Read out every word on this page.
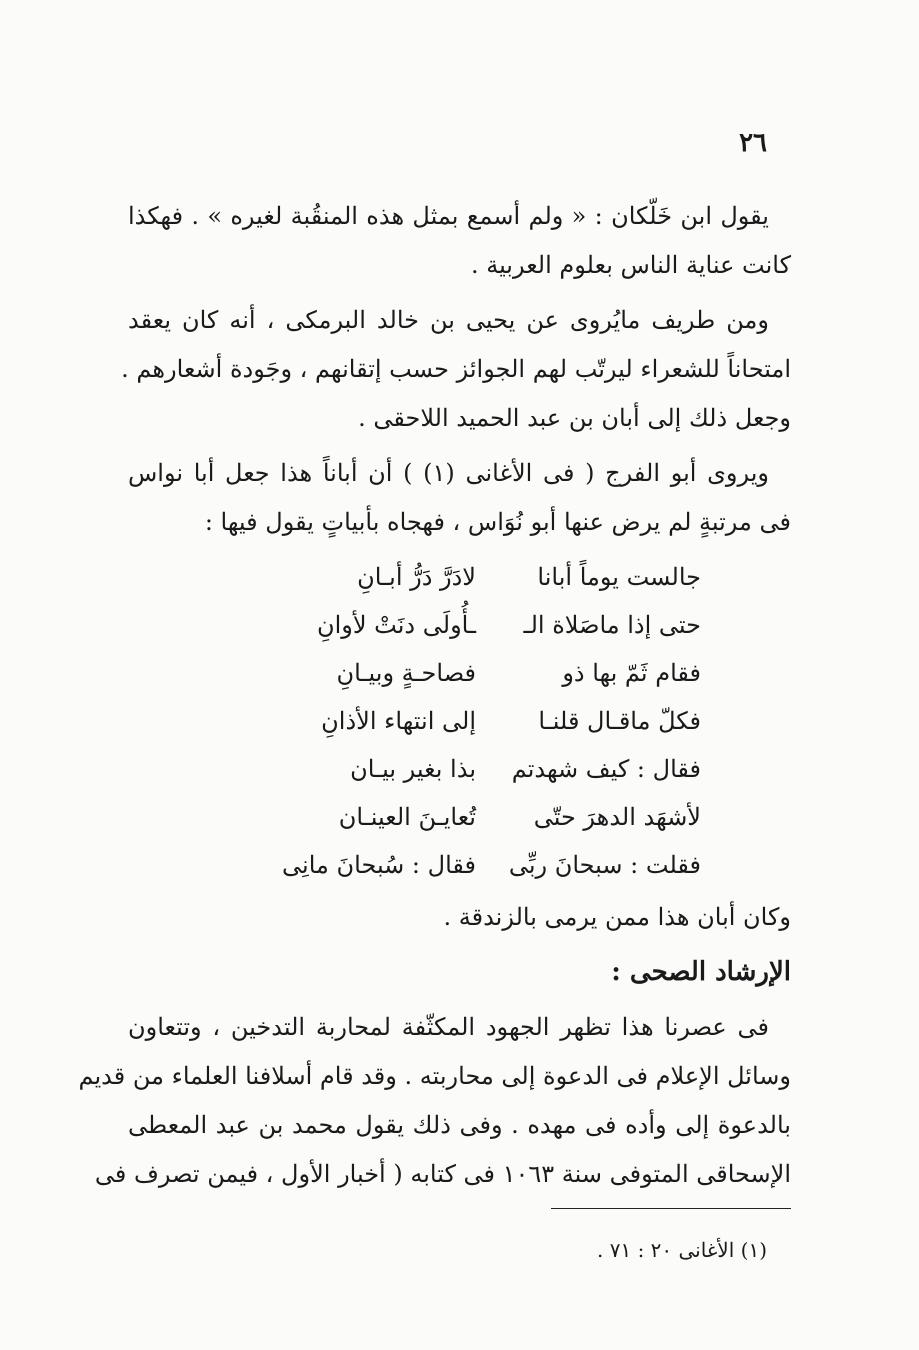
٢٦

يقول ابن خَلّكان : « ولم أسمع بمثل هذه المنقُبة لغيره » . فهكذا
كانت عناية الناس بعلوم العربية .

ومن طريف مايُروى عن يحيى بن خالد البرمكى ، أنه كان يعقد
امتحاناً للشعراء ليرتّب لهم الجوائز حسب إتقانهم ، وجَودة أشعارهم .
وجعل ذلك إلى أبان بن عبد الحميد اللاحقى .

ويروى أبو الفرج ( فى الأغانى (١) ) أن أباناً هذا جعل أبا نواس
فى مرتبةٍ لم يرض عنها أبو نُوَاس ، فهجاه بأبياتٍ يقول فيها :

جالست يوماً أبانا
لادَرَّ دَرُّ أبـانِ
حتى إذا ماصَلاة الـ
ـأُولَى دنَتْ لأوانِ
فقام ثَمّ بها ذو
فصاحـةٍ وبيـانِ
فكلّ ماقـال قلنـا
إلى انتهاء الأذانِ
فقال : كيف شهدتم
بذا بغير بيـان
لأشهَد الدهرَ حتّى
تُعايـنَ العينـان
فقلت : سبحانَ ربِّى
فقال : سُبحانَ مانِى

وكان أبان هذا ممن يرمى بالزندقة .

الإرشاد الصحى :

فى عصرنا هذا تظهر الجهود المكثّفة لمحاربة التدخين ، وتتعاون
وسائل الإعلام فى الدعوة إلى محاربته . وقد قام أسلافنا العلماء من قديم
بالدعوة إلى وأده فى مهده . وفى ذلك يقول محمد بن عبد المعطى
الإسحاقى المتوفى سنة ١٠٦٣ فى كتابه ( أخبار الأول ، فيمن تصرف فى

(١) الأغانى ٢٠ : ٧١ .
